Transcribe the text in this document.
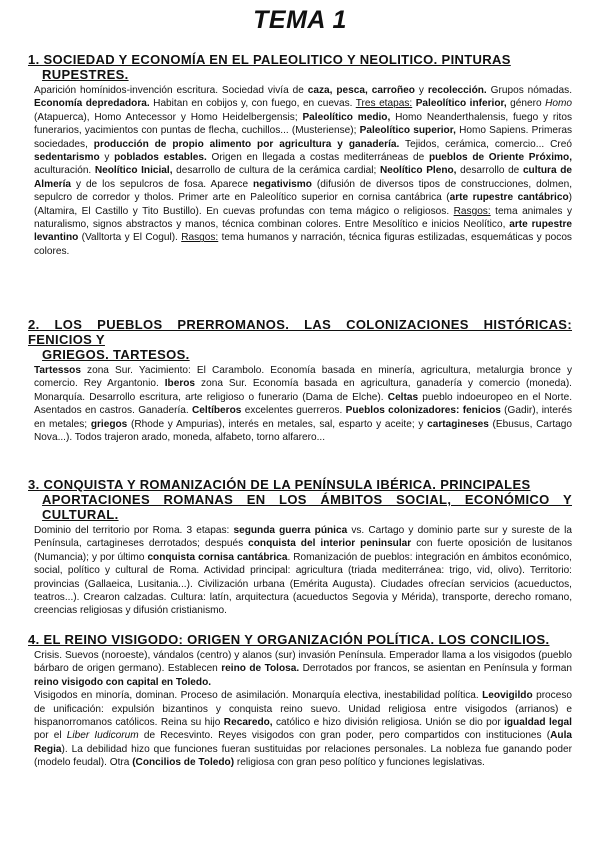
TEMA 1
1. SOCIEDAD Y ECONOMÍA EN EL PALEOLITICO Y NEOLITICO. PINTURAS
RUPESTRES.

Aparición homínidos-invención escritura. Sociedad vivía de caza, pesca, carroñeo y recolección. Grupos nómadas. Economía depredadora. Habitan en cobijos y, con fuego, en cuevas. Tres etapas: Paleolítico inferior, género Homo (Atapuerca), Homo Antecessor y Homo Heidelbergensis; Paleolítico medio, Homo Neanderthalensis, fuego y ritos funerarios, yacimientos con puntas de flecha, cuchillos... (Musteriense); Paleolítico superior, Homo Sapiens. Primeras sociedades, producción de propio alimento por agricultura y ganadería. Tejidos, cerámica, comercio... Creó sedentarismo y poblados estables. Origen en llegada a costas mediterráneas de pueblos de Oriente Próximo, aculturación. Neolítico Inicial, desarrollo de cultura de la cerámica cardial; Neolítico Pleno, desarrollo de cultura de Almería y de los sepulcros de fosa. Aparece negativismo (difusión de diversos tipos de construcciones, dolmen, sepulcro de corredor y tholos. Primer arte en Paleolítico superior en cornisa cantábrica (arte rupestre cantábrico) (Altamira, El Castillo y Tito Bustillo). En cuevas profundas con tema mágico o religiosos. Rasgos: tema animales y naturalismo, signos abstractos y manos, técnica combinan colores. Entre Mesolítico e inicios Neolítico, arte rupestre levantino (Valltorta y El Cogul). Rasgos: tema humanos y narración, técnica figuras estilizadas, esquemáticas y pocos colores.

2. LOS PUEBLOS PRERROMANOS. LAS COLONIZACIONES HISTÓRICAS: FENICIOS Y
GRIEGOS. TARTESOS.

Tartessos zona Sur. Yacimiento: El Carambolo. Economía basada en minería, agricultura, metalurgia bronce y comercio. Rey Argantonio. Iberos zona Sur. Economía basada en agricultura, ganadería y comercio (moneda). Monarquía. Desarrollo escritura, arte religioso o funerario (Dama de Elche). Celtas pueblo indoeuropeo en el Norte. Asentados en castros. Ganadería. Celtíberos excelentes guerreros. Pueblos colonizadores: fenicios (Gadir), interés en metales; griegos (Rhode y Ampurias), interés en metales, sal, esparto y aceite; y cartagineses (Ebusus, Cartago Nova...). Todos trajeron arado, moneda, alfabeto, torno alfarero...

3. CONQUISTA Y ROMANIZACIÓN DE LA PENÍNSULA IBÉRICA. PRINCIPALES
APORTACIONES ROMANAS EN LOS ÁMBITOS SOCIAL, ECONÓMICO Y CULTURAL.

Dominio del territorio por Roma. 3 etapas: segunda guerra púnica vs. Cartago y dominio parte sur y sureste de la Península, cartagineses derrotados; después conquista del interior peninsular con fuerte oposición de lusitanos (Numancia); y por último conquista cornisa cantábrica. Romanización de pueblos: integración en ámbitos económico, social, político y cultural de Roma. Actividad principal: agricultura (triada mediterránea: trigo, vid, olivo). Territorio: provincias (Gallaeica, Lusitania...). Civilización urbana (Emérita Augusta). Ciudades ofrecían servicios (acueductos, teatros...). Crearon calzadas. Cultura: latín, arquitectura (acueductos Segovia y Mérida), transporte, derecho romano, creencias religiosas y difusión cristianismo.

4. EL REINO VISIGODO: ORIGEN Y ORGANIZACIÓN POLÍTICA. LOS CONCILIOS.

Crisis. Suevos (noroeste), vándalos (centro) y alanos (sur) invasión Península. Emperador llama a los visigodos (pueblo bárbaro de origen germano). Establecen reino de Tolosa. Derrotados por francos, se asientan en Península y forman reino visigodo con capital en Toledo.
Visigodos en minoría, dominan. Proceso de asimilación. Monarquía electiva, inestabilidad política. Leovigildo proceso de unificación: expulsión bizantinos y conquista reino suevo. Unidad religiosa entre visigodos (arrianos) e hispanorromanos católicos. Reina su hijo Recaredo, católico e hizo división religiosa. Unión se dio por igualdad legal por el Liber Iudicorum de Recesvinto. Reyes visigodos con gran poder, pero compartidos con instituciones (Aula Regia). La debilidad hizo que funciones fueran sustituidas por relaciones personales. La nobleza fue ganando poder (modelo feudal). Otra (Concilios de Toledo) religiosa con gran peso político y funciones legislativas.
